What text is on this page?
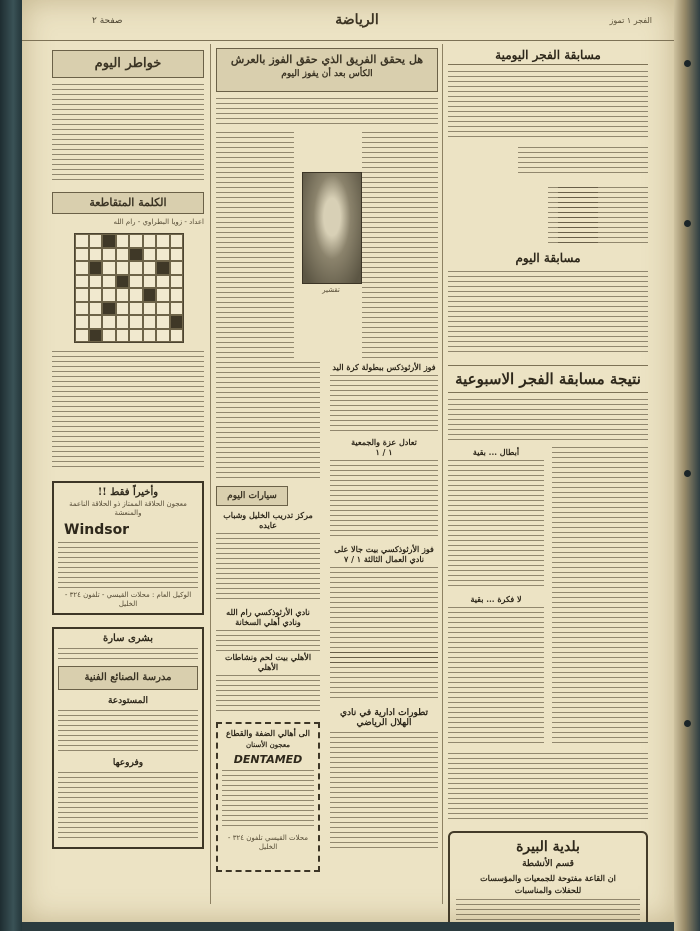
صفحة ٢	الرياضة	الفجر ١ تموز
خواطر اليوم
الكلمة المتقاطعة
اعداد - زويا البطراوي - رام الله
وأخيراً فقط !!
معجون الحلاقة الممتاز ذو الحلاقة الناعمة والمنعشة
Windsor
الوكيل العام : محلات القيسي - تلفون ٣٢٤ - الخليل
بشرى سارة
مدرسة الصنائع الفنية
المستودعة
وفروعها
هل يحقق الفريق الذي حقق الفوز بالعرش
الكأس بعد أن يفوز اليوم
تقشير
فوز الأرثوذكس ببطولة كرة اليد
تعادل عزة والجمعية
١ / ١
فوز الأرثوذكسي بيت جالا على نادي العمال الثالثة ١ / ٧
سيارات اليوم
مركز تدريب الخليل وشباب عايده
نادي الأرثوذكسي رام الله ونادي أهلي السخانة
الأهلي بيت لحم ونشاطات الأهلي
تطورات ادارية في نادي الهلال الرياضي
الى أهالي الضفة والقطاع
معجون الأسنان
DENTAMED
محلات القيسي تلفون ٣٢٤ - الخليل
مسابقة الفجر اليومية
مسابقة اليوم
نتيجة مسابقة الفجر الاسبوعية
أبطال ... بقية
لا فكرة ... بقية
بلدية البيرة
قسم الأنشطة
ان القاعة مفتوحة للجمعيات والمؤسسات
للحفلات والمناسبات
